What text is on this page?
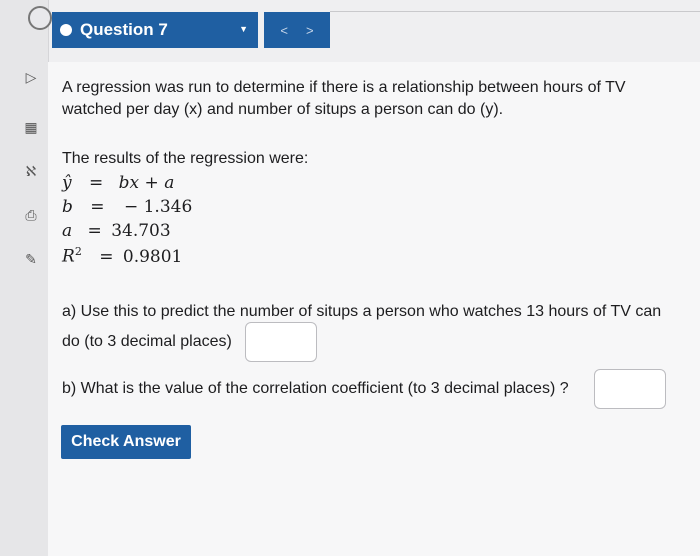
▷
▦
ℵ
⎙
✎
Question 7	▼ < >
A regression was run to determine if there is a relationship between hours of TV
watched per day (x) and number of situps a person can do (y).
The results of the regression were:
ŷ = bx + a
b = − 1.346
a = 34.703
$R^2 = 0.9801$
a) Use this to predict the number of situps a person who watches 13 hours of TV can
do (to 3 decimal places)
b) What is the value of the correlation coefficient (to 3 decimal places) ?
Check Answer
